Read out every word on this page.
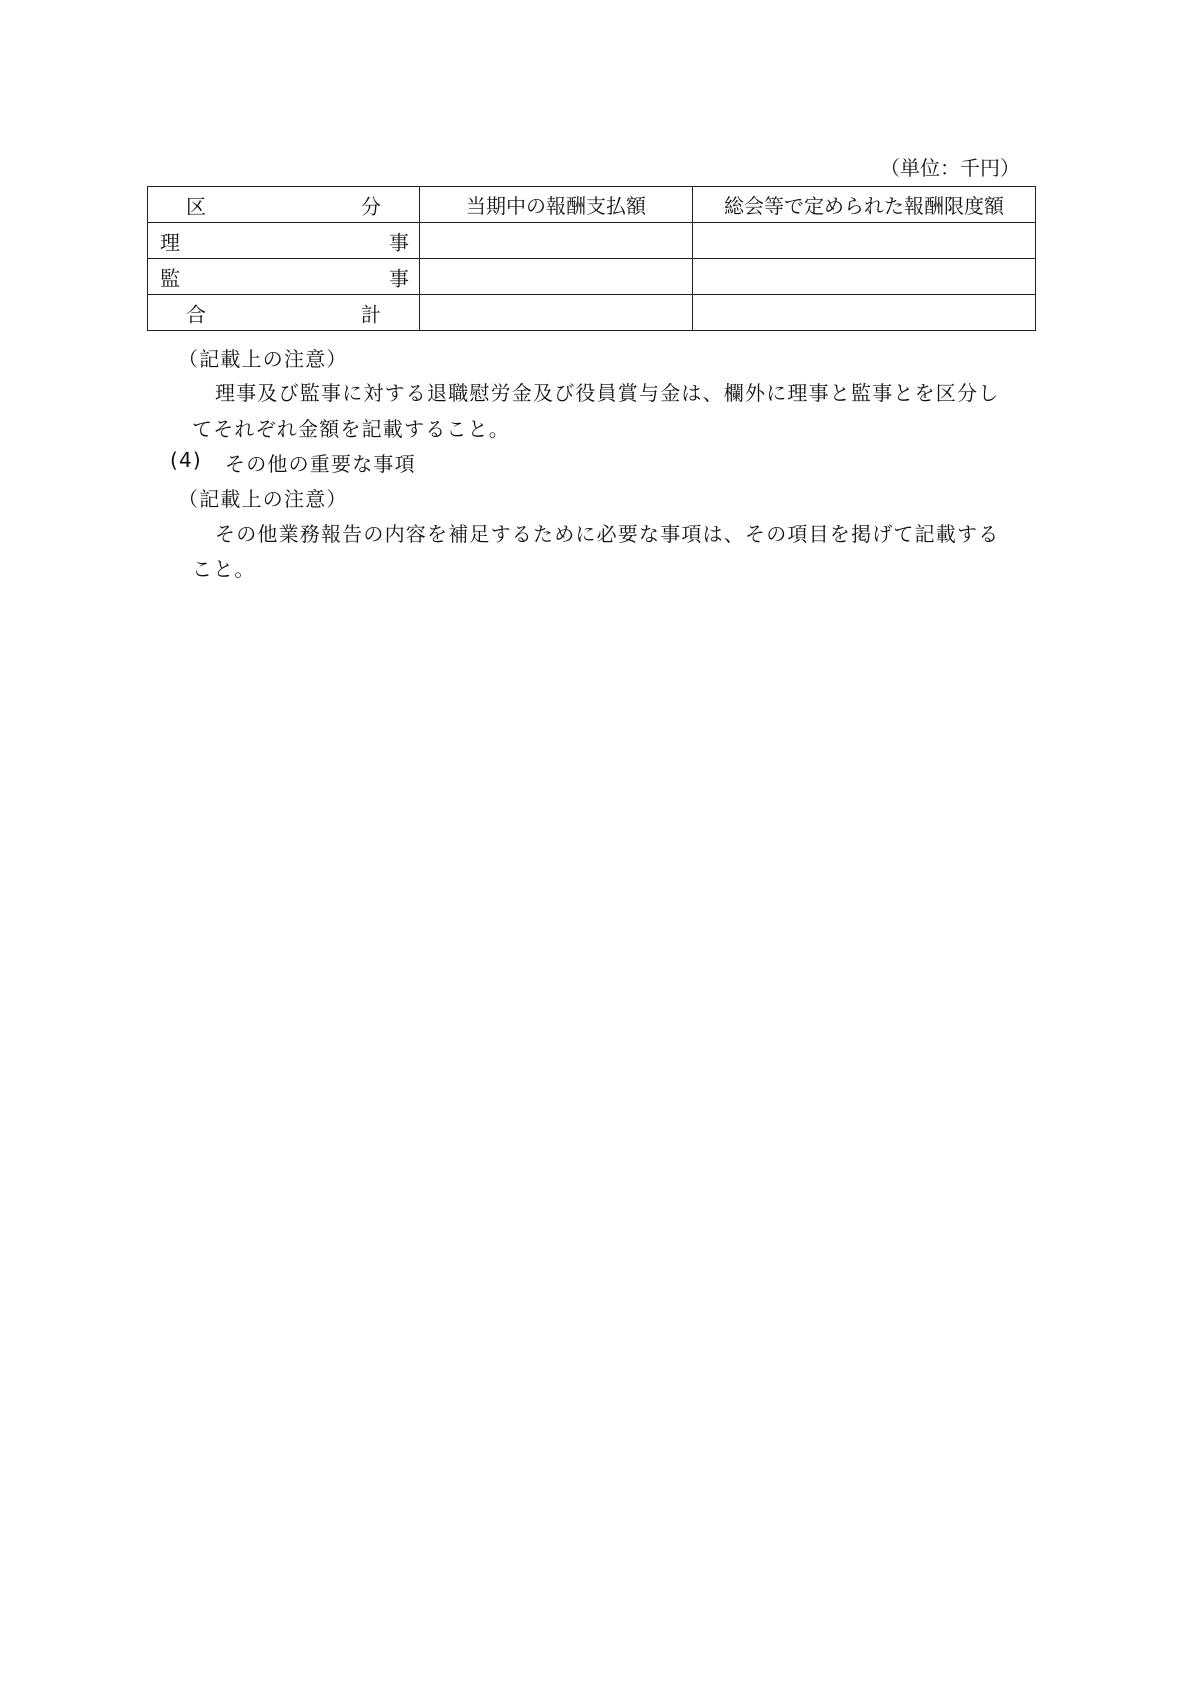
（単位：千円）
区 分	当期中の報酬支払額	総会等で定められた報酬限度額

理 事		

監 事		

合 計		

（記載上の注意）
理事及び監事に対する退職慰労金及び役員賞与金は、欄外に理事と監事とを区分し
てそれぞれ金額を記載すること。
(4) その他の重要な事項
（記載上の注意）
その他業務報告の内容を補足するために必要な事項は、その項目を掲げて記載する
こと。
